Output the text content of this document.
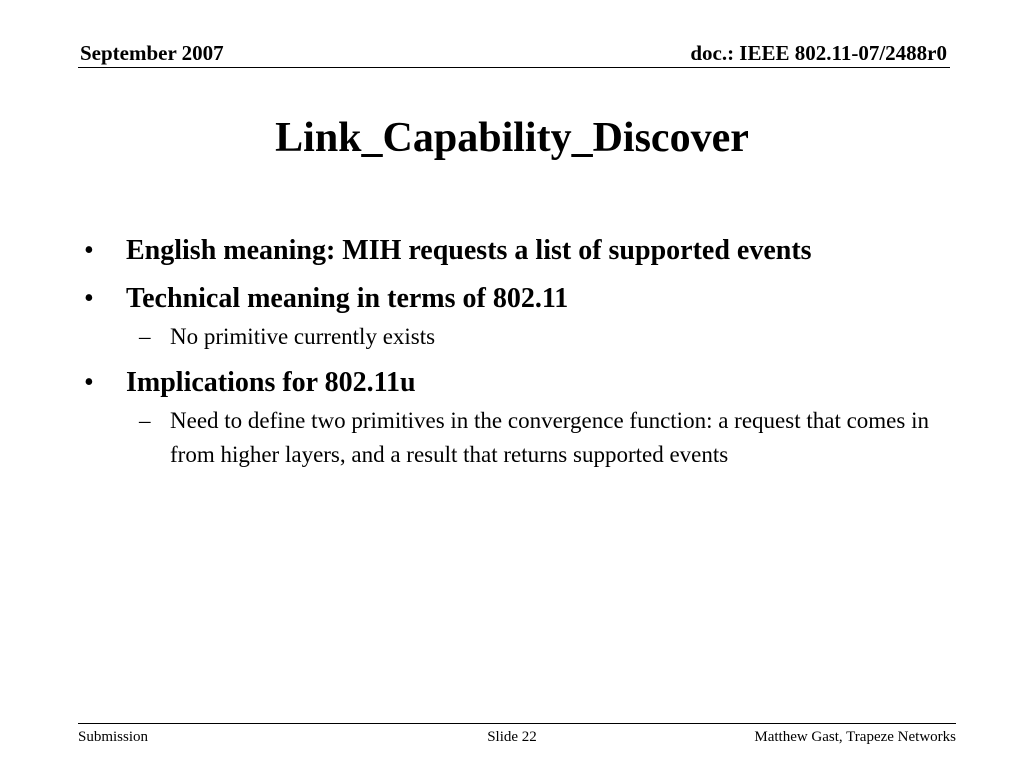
September 2007	doc.: IEEE 802.11-07/2488r0
Link_Capability_Discover
• English meaning: MIH requests a list of supported events
• Technical meaning in terms of 802.11
– No primitive currently exists
• Implications for 802.11u
– Need to define two primitives in the convergence function: a request that comes in from higher layers, and a result that returns supported events
Submission	Slide 22	Matthew Gast, Trapeze Networks
